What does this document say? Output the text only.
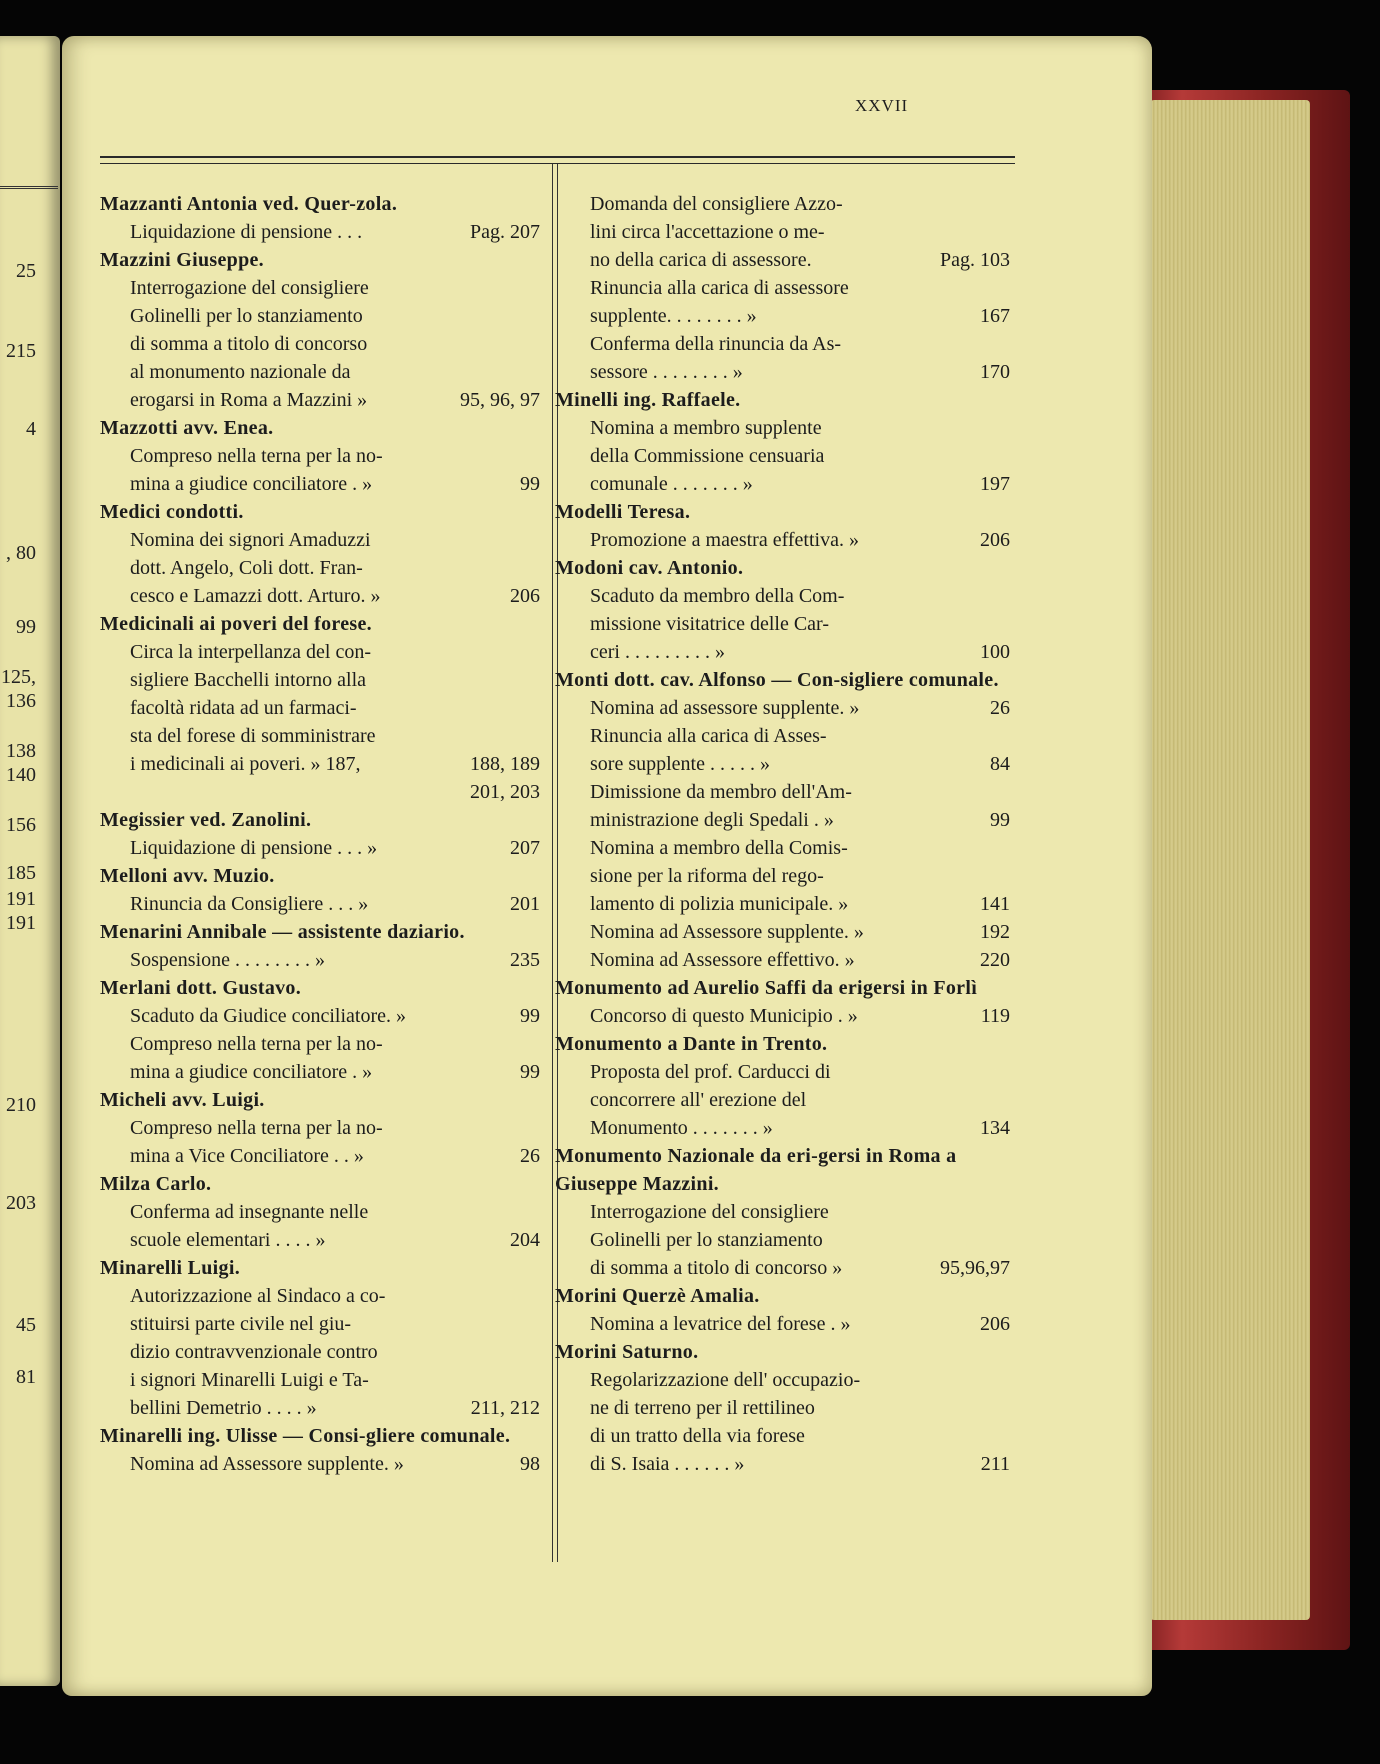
25
215
4
, 80
99
125,
136
138
140
156
185
191
191
210
203
45
81
XXVII
Mazzanti Antonia ved. Quer-zola.
Liquidazione di pensione . . .	Pag. 207
Mazzini Giuseppe.
Interrogazione del consigliere
Golinelli per lo stanziamento
di somma a titolo di concorso
al monumento nazionale da
erogarsi in Roma a Mazzini »	95, 96, 97
Mazzotti avv. Enea.
Compreso nella terna per la no-
mina a giudice conciliatore . »	99
Medici condotti.
Nomina dei signori Amaduzzi
dott. Angelo, Coli dott. Fran-
cesco e Lamazzi dott. Arturo. »	206
Medicinali ai poveri del forese.
Circa la interpellanza del con-
sigliere Bacchelli intorno alla
facoltà ridata ad un farmaci-
sta del forese di somministrare
i medicinali ai poveri. » 187,	188, 189
201, 203
Megissier ved. Zanolini.
Liquidazione di pensione . . . »	207
Melloni avv. Muzio.
Rinuncia da Consigliere . . . »	201
Menarini Annibale — assistente daziario.
Sospensione . . . . . . . . »	235
Merlani dott. Gustavo.
Scaduto da Giudice conciliatore. »	99
Compreso nella terna per la no-
mina a giudice conciliatore . »	99
Micheli avv. Luigi.
Compreso nella terna per la no-
mina a Vice Conciliatore . . »	26
Milza Carlo.
Conferma ad insegnante nelle
scuole elementari . . . . »	204
Minarelli Luigi.
Autorizzazione al Sindaco a co-
stituirsi parte civile nel giu-
dizio contravvenzionale contro
i signori Minarelli Luigi e Ta-
bellini Demetrio . . . . »	211, 212
Minarelli ing. Ulisse — Consi-gliere comunale.
Nomina ad Assessore supplente. »	98
Domanda del consigliere Azzo-
lini circa l'accettazione o me-
no della carica di assessore.	Pag. 103
Rinuncia alla carica di assessore
supplente. . . . . . . . »	167
Conferma della rinuncia da As-
sessore . . . . . . . . »	170
Minelli ing. Raffaele.
Nomina a membro supplente
della Commissione censuaria
comunale . . . . . . . »	197
Modelli Teresa.
Promozione a maestra effettiva. »	206
Modoni cav. Antonio.
Scaduto da membro della Com-
missione visitatrice delle Car-
ceri . . . . . . . . . »	100
Monti dott. cav. Alfonso — Con-sigliere comunale.
Nomina ad assessore supplente. »	26
Rinuncia alla carica di Asses-
sore supplente . . . . . »	84
Dimissione da membro dell'Am-
ministrazione degli Spedali . »	99
Nomina a membro della Comis-
sione per la riforma del rego-
lamento di polizia municipale. »	141
Nomina ad Assessore supplente. »	192
Nomina ad Assessore effettivo. »	220
Monumento ad Aurelio Saffi da erigersi in Forlì
Concorso di questo Municipio . »	119
Monumento a Dante in Trento.
Proposta del prof. Carducci di
concorrere all' erezione del
Monumento . . . . . . . »	134
Monumento Nazionale da eri-gersi in Roma a Giuseppe Mazzini.
Interrogazione del consigliere
Golinelli per lo stanziamento
di somma a titolo di concorso »	95,96,97
Morini Querzè Amalia.
Nomina a levatrice del forese . »	206
Morini Saturno.
Regolarizzazione dell' occupazio-
ne di terreno per il rettilineo
di un tratto della via forese
di S. Isaia . . . . . . »	211
